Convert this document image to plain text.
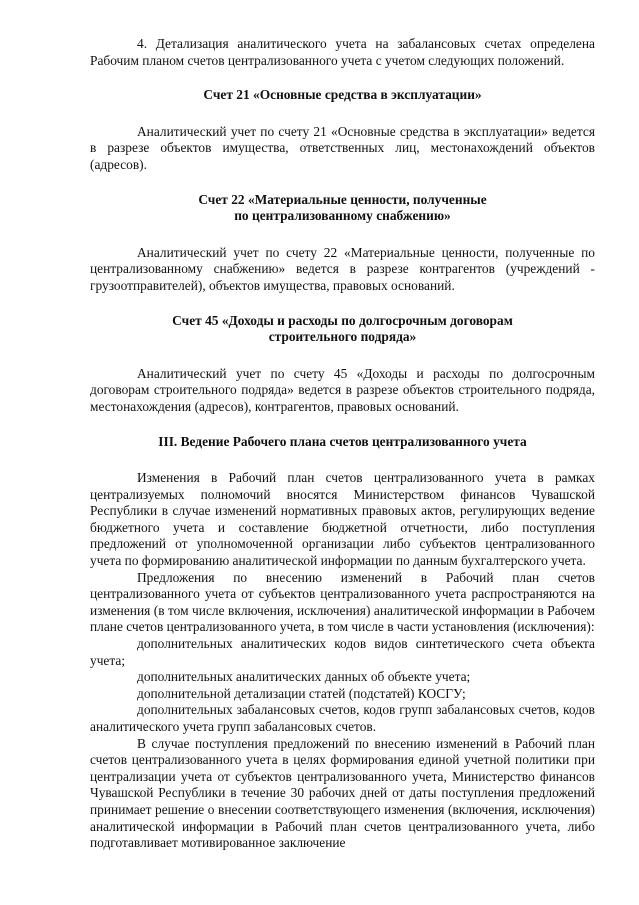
4. Детализация аналитического учета на забалансовых счетах определена Рабочим планом счетов централизованного учета с учетом следующих положений.

Счет 21 «Основные средства в эксплуатации»

Аналитический учет по счету 21 «Основные средства в эксплуатации» ведется в разрезе объектов имущества, ответственных лиц, местонахождений объектов (адресов).

Счет 22 «Материальные ценности, полученные
по централизованному снабжению»

Аналитический учет по счету 22 «Материальные ценности, полученные по централизованному снабжению» ведется в разрезе контрагентов (учреждений - грузоотправителей), объектов имущества, правовых оснований.

Счет 45 «Доходы и расходы по долгосрочным договорам
строительного подряда»

Аналитический учет по счету 45 «Доходы и расходы по долгосрочным договорам строительного подряда» ведется в разрезе объектов строительного подряда, местонахождения (адресов), контрагентов, правовых оснований.

III. Ведение Рабочего плана счетов централизованного учета

Изменения в Рабочий план счетов централизованного учета в рамках централизуемых полномочий вносятся Министерством финансов Чувашской Республики в случае изменений нормативных правовых актов, регулирующих ведение бюджетного учета и составление бюджетной отчетности, либо поступления предложений от уполномоченной организации либо субъектов централизованного учета по формированию аналитической информации по данным бухгалтерского учета.

Предложения по внесению изменений в Рабочий план счетов централизованного учета от субъектов централизованного учета распространяются на изменения (в том числе включения, исключения) аналитической информации в Рабочем плане счетов централизованного учета, в том числе в части установления (исключения):

дополнительных аналитических кодов видов синтетического счета объекта учета;

дополнительных аналитических данных об объекте учета;

дополнительной детализации статей (подстатей) КОСГУ;

дополнительных забалансовых счетов, кодов групп забалансовых счетов, кодов аналитического учета групп забалансовых счетов.

В случае поступления предложений по внесению изменений в Рабочий план счетов централизованного учета в целях формирования единой учетной политики при централизации учета от субъектов централизованного учета, Министерство финансов Чувашской Республики в течение 30 рабочих дней от даты поступления предложений принимает решение о внесении соответствующего изменения (включения, исключения) аналитической информации в Рабочий план счетов централизованного учета, либо подготавливает мотивированное заключение
